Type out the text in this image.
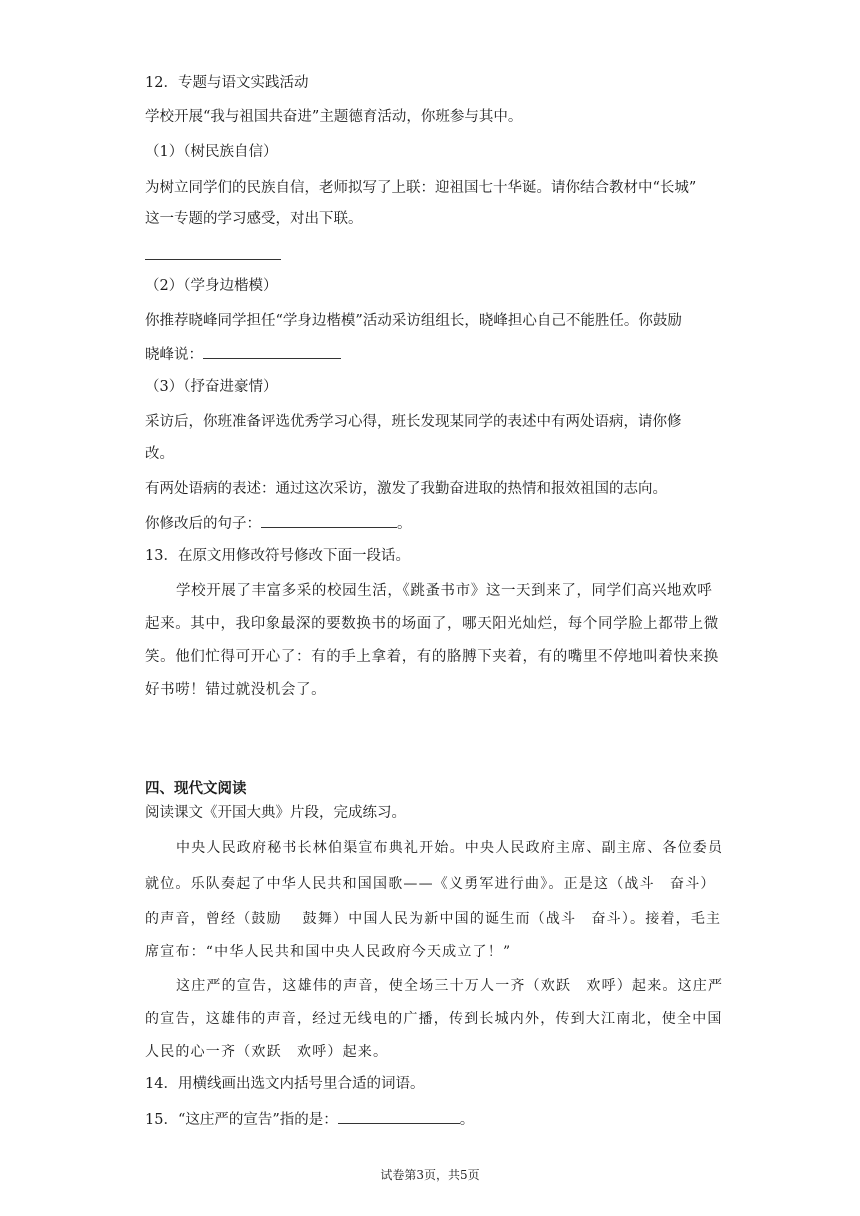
12．专题与语文实践活动
学校开展“我与祖国共奋进”主题德育活动，你班参与其中。
（1）（树民族自信）
为树立同学们的民族自信，老师拟写了上联：迎祖国七十华诞。请你结合教材中“长城”
这一专题的学习感受，对出下联。
（2）（学身边楷模）
你推荐晓峰同学担任“学身边楷模”活动采访组组长，晓峰担心自己不能胜任。你鼓励
晓峰说：
（3）（抒奋进豪情）
采访后，你班准备评选优秀学习心得，班长发现某同学的表述中有两处语病，请你修
改。
有两处语病的表述：通过这次采访，激发了我勤奋进取的热情和报效祖国的志向。
你修改后的句子：	。
13．在原文用修改符号修改下面一段话。
学校开展了丰富多采的校园生活，《跳蚤书市》这一天到来了，同学们高兴地欢呼
起来。其中，我印象最深的要数换书的场面了，哪天阳光灿烂，每个同学脸上都带上微
笑。他们忙得可开心了：有的手上拿着，有的胳膊下夹着，有的嘴里不停地叫着快来换
好书唠！错过就没机会了。
四、现代文阅读
阅读课文《开国大典》片段，完成练习。
中央人民政府秘书长林伯渠宣布典礼开始。中央人民政府主席、副主席、各位委员
就位。乐队奏起了中华人民共和国国歌——《义勇军进行曲》。正是这（战斗　奋斗）
的声音，曾经（鼓励　 鼓舞）中国人民为新中国的诞生而（战斗　奋斗）。接着，毛主
席宣布：“中华人民共和国中央人民政府今天成立了！”
这庄严的宣告，这雄伟的声音，使全场三十万人一齐（欢跃　欢呼）起来。这庄严
的宣告，这雄伟的声音，经过无线电的广播，传到长城内外，传到大江南北，使全中国
人民的心一齐（欢跃　欢呼）起来。
14．用横线画出选文内括号里合适的词语。
15．“这庄严的宣告”指的是：	。
试卷第3页，共5页
